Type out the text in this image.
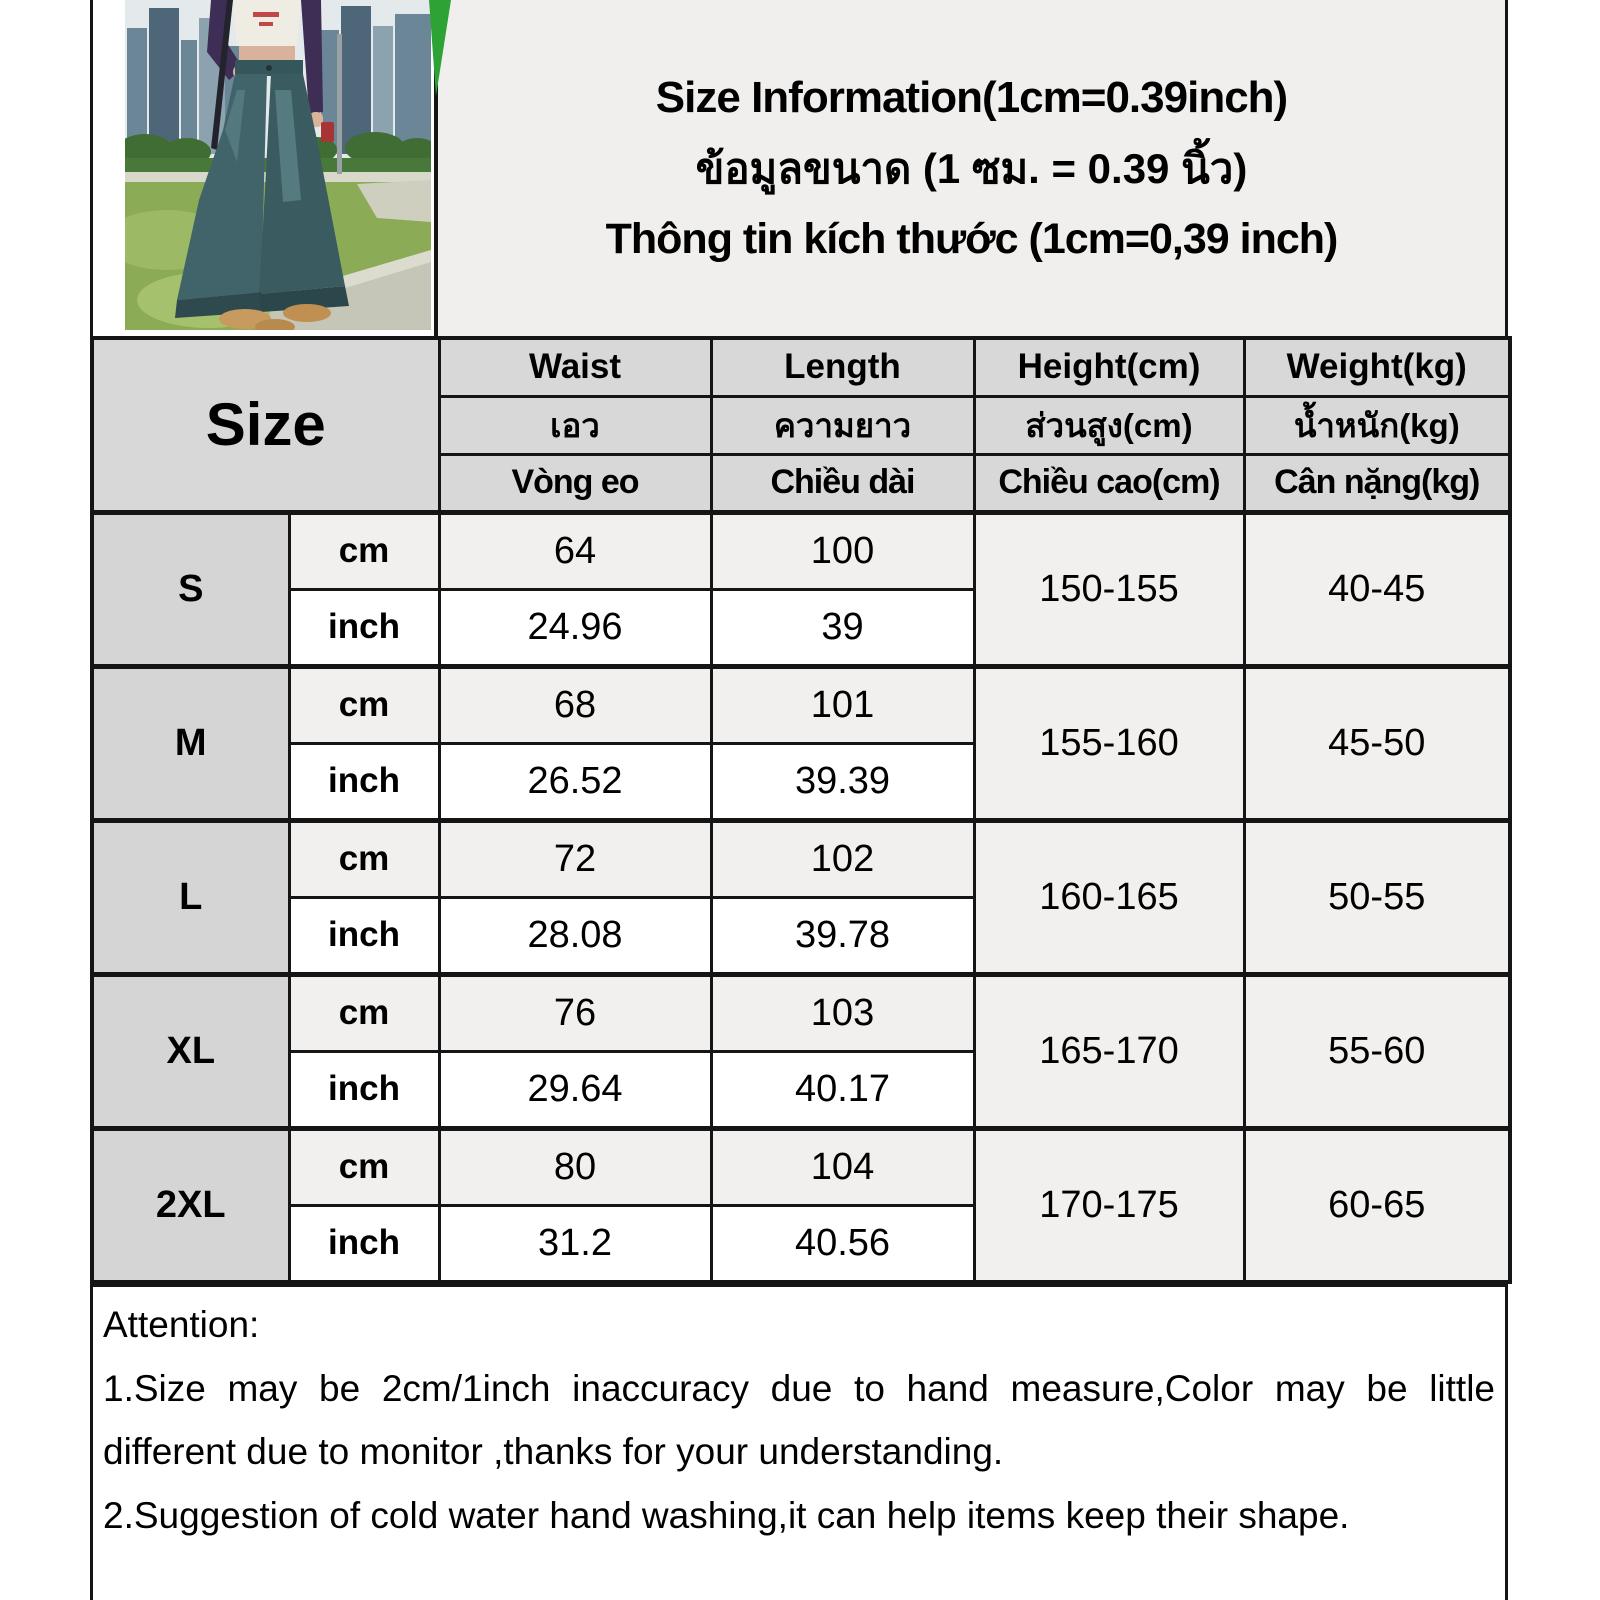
Size Information(1cm=0.39inch)
ข้อมูลขนาด (1 ซม. = 0.39 นิ้ว)
Thông tin kích thước (1cm=0,39 inch)
Size		Waist	Length	Height(cm)	Weight(kg)
		เอว	ความยาว	ส่วนสูง(cm)	น้ำหนัก(kg)
		Vòng eo	Chiều dài	Chiều cao(cm)	Cân nặng(kg)
S	cm	64	100	150-155	40-45
	inch	24.96	39		
M	cm	68	101	155-160	45-50
	inch	26.52	39.39		
L	cm	72	102	160-165	50-55
	inch	28.08	39.78		
XL	cm	76	103	165-170	55-60
	inch	29.64	40.17		
2XL	cm	80	104	170-175	60-65
	inch	31.2	40.56		
Attention:
1.Size may be 2cm/1inch inaccuracy due to hand measure,Color may be little different due to monitor ,thanks for your understanding.
2.Suggestion of cold water hand washing,it can help items keep their shape.
